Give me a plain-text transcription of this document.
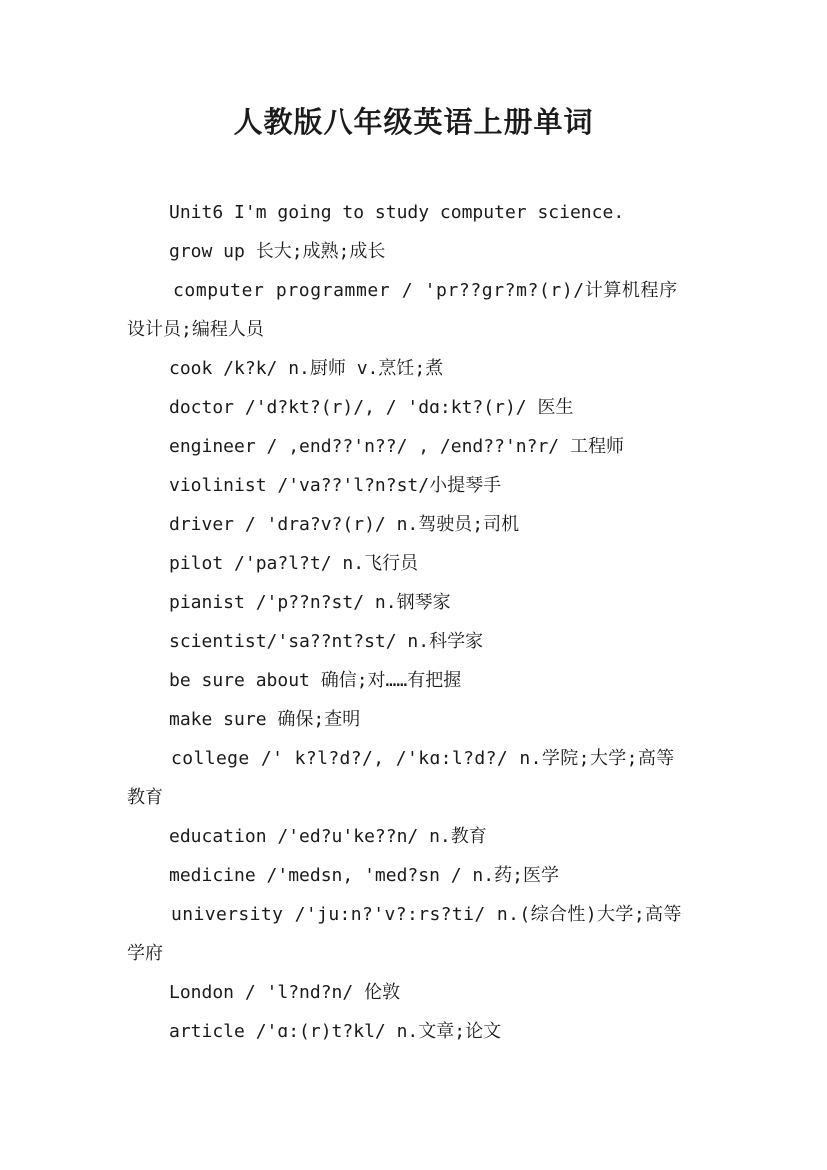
人教版八年级英语上册单词
Unit6 I'm going to study computer science.
grow up 长大;成熟;成长
computer programmer / 'pr??gr?m?(r)/计算机程序
设计员;编程人员
cook /k?k/ n.厨师 v.烹饪;煮
doctor /'d?kt?(r)/, / 'dɑ:kt?(r)/ 医生
engineer / ,end??'n??/ , /end??'n?r/ 工程师
violinist /'va??'l?n?st/小提琴手
driver / 'dra?v?(r)/ n.驾驶员;司机
pilot /'pa?l?t/ n.飞行员
pianist /'p??n?st/ n.钢琴家
scientist/'sa??nt?st/ n.科学家
be sure about 确信;对……有把握
make sure 确保;查明
college /' k?l?d?/, /'kɑ:l?d?/ n.学院;大学;高等
教育
education /'ed?u'ke??n/ n.教育
medicine /'medsn, 'med?sn / n.药;医学
university /'ju:n?'v?:rs?ti/ n.(综合性)大学;高等
学府
London / 'l?nd?n/ 伦敦
article /'ɑ:(r)t?kl/ n.文章;论文
